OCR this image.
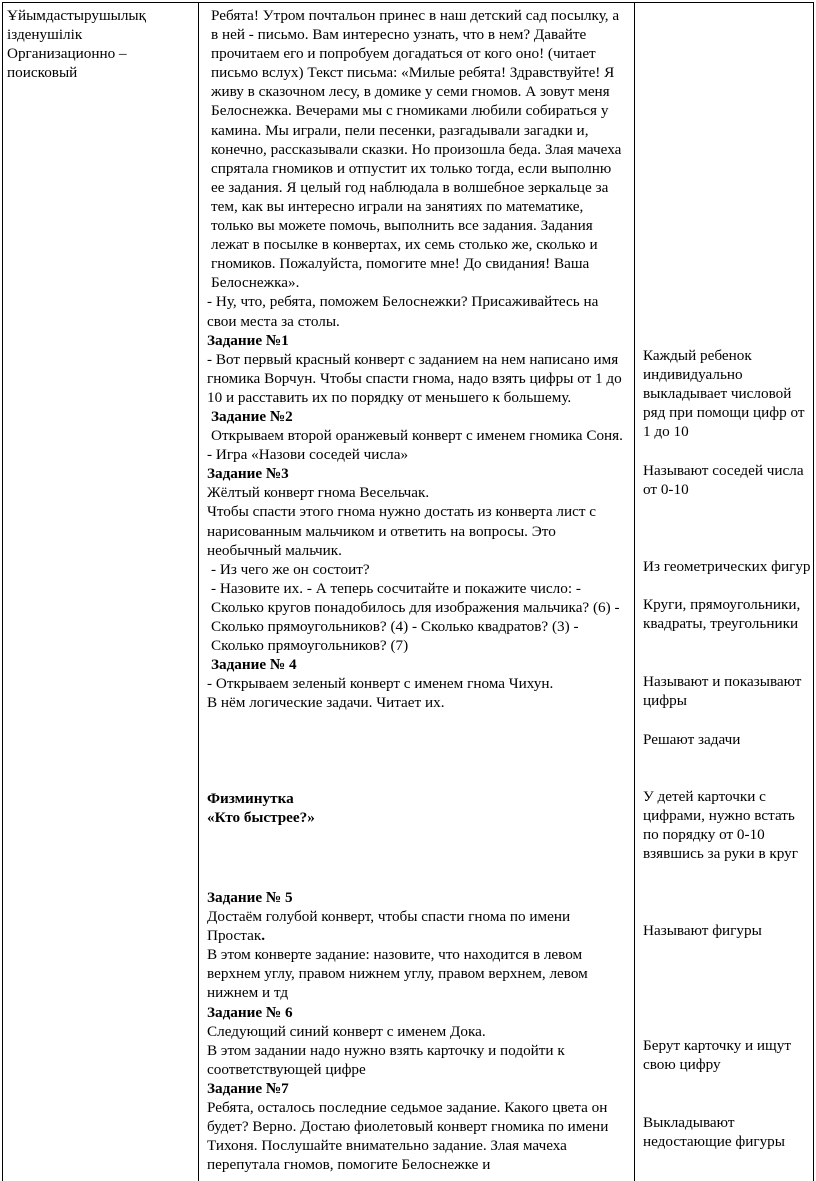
Ұйымдастырушылық ізденушілік
Организационно – поисковый

Ребята! Утром почтальон принес в наш детский сад посылку, а в ней - письмо. Вам интересно узнать, что в нем? Давайте прочитаем его и попробуем догадаться от кого оно! (читает письмо вслух) Текст письма: «Милые ребята! Здравствуйте! Я живу в сказочном лесу, в домике у семи гномов. А зовут меня Белоснежка. Вечерами мы с гномиками любили собираться у камина. Мы играли, пели песенки, разгадывали загадки и, конечно, рассказывали сказки. Но произошла беда. Злая мачеха спрятала гномиков и отпустит их только тогда, если выполню ее задания. Я целый год наблюдала в волшебное зеркальце за тем, как вы интересно играли на занятиях по математике, только вы можете помочь, выполнить все задания. Задания лежат в посылке в конвертах, их семь столько же, сколько и гномиков. Пожалуйста, помогите мне! До свидания! Ваша Белоснежка».

- Ну, что, ребята, поможем Белоснежки? Присаживайтесь на свои места за столы.

Задание №1

- Вот первый красный конверт с заданием на нем написано имя гномика Ворчун. Чтобы спасти гнома, надо взять цифры от 1 до 10 и расставить их по порядку от меньшего к большему.

Задание №2

Открываем второй оранжевый конверт с именем гномика Соня.

- Игра «Назови соседей числа»

Задание №3

Жёлтый конверт гнома Весельчак.

Чтобы спасти этого гнома нужно достать из конверта лист с нарисованным мальчиком и ответить на вопросы. Это необычный мальчик.

- Из чего же он состоит?

- Назовите их. - А теперь сосчитайте и покажите число: - Сколько кругов понадобилось для изображения мальчика? (6) - Сколько прямоугольников? (4) - Сколько квадратов? (3) - Сколько прямоугольников? (7)

Задание № 4

- Открываем зеленый конверт с именем гнома Чихун.

В нём логические задачи. Читает их.

Физминутка

«Кто быстрее?»

Задание № 5

Достаём голубой конверт, чтобы спасти гнома по имени Простак.

В этом конверте задание: назовите, что находится в левом верхнем углу, правом нижнем углу, правом верхнем, левом нижнем и тд

Задание № 6

Следующий синий конверт с именем Дока.

В этом задании надо нужно взять карточку и подойти к соответствующей цифре

Задание №7

Ребята, осталось последние седьмое задание. Какого цвета он будет? Верно. Достаю фиолетовый конверт гномика по имени Тихоня. Послушайте внимательно задание. Злая мачеха перепутала гномов, помогите Белоснежке и

Каждый ребенок индивидуально выкладывает числовой ряд при помощи цифр от 1 до 10

Называют соседей числа от 0-10

Из геометрических фигур

Круги, прямоугольники, квадраты, треугольники

Называют и показывают цифры

Решают задачи

У детей карточки с цифрами, нужно встать по порядку от 0-10 взявшись за руки в круг

Называют фигуры

Берут карточку и ищут свою цифру

Выкладывают недостающие фигуры
